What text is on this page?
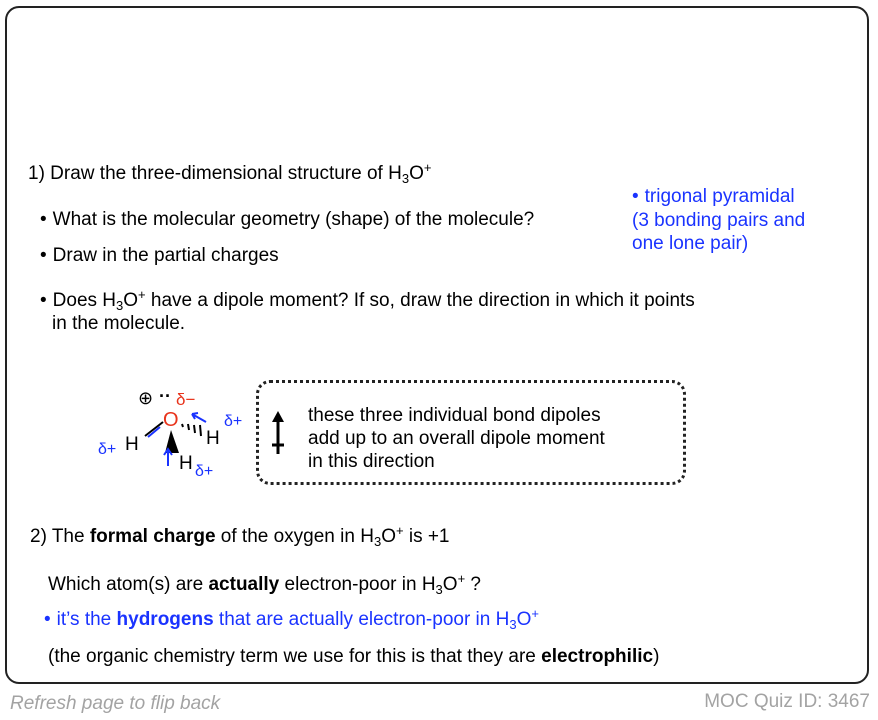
1) Draw the three-dimensional structure of $H_3O^+$
• What is the molecular geometry (shape) of the molecule?
• Draw in the partial charges
• Does $H_3O^+$ have a dipole moment? If so, draw the direction in which it points
in the molecule.
• trigonal pyramidal
(3 bonding pairs and
one lone pair)
⊕ ·· δ−
O
H
δ+
H
δ+
H δ+
these three individual bond dipoles
add up to an overall dipole moment
in this direction
2) The formal charge of the oxygen in $H_3O^+$ is +1
Which atom(s) are actually electron-poor in $H_3O^+$ ?
• it’s the hydrogens that are actually electron-poor in $H_3O^+$
(the organic chemistry term we use for this is that they are electrophilic)
Refresh page to flip back	MOC Quiz ID: 3467
